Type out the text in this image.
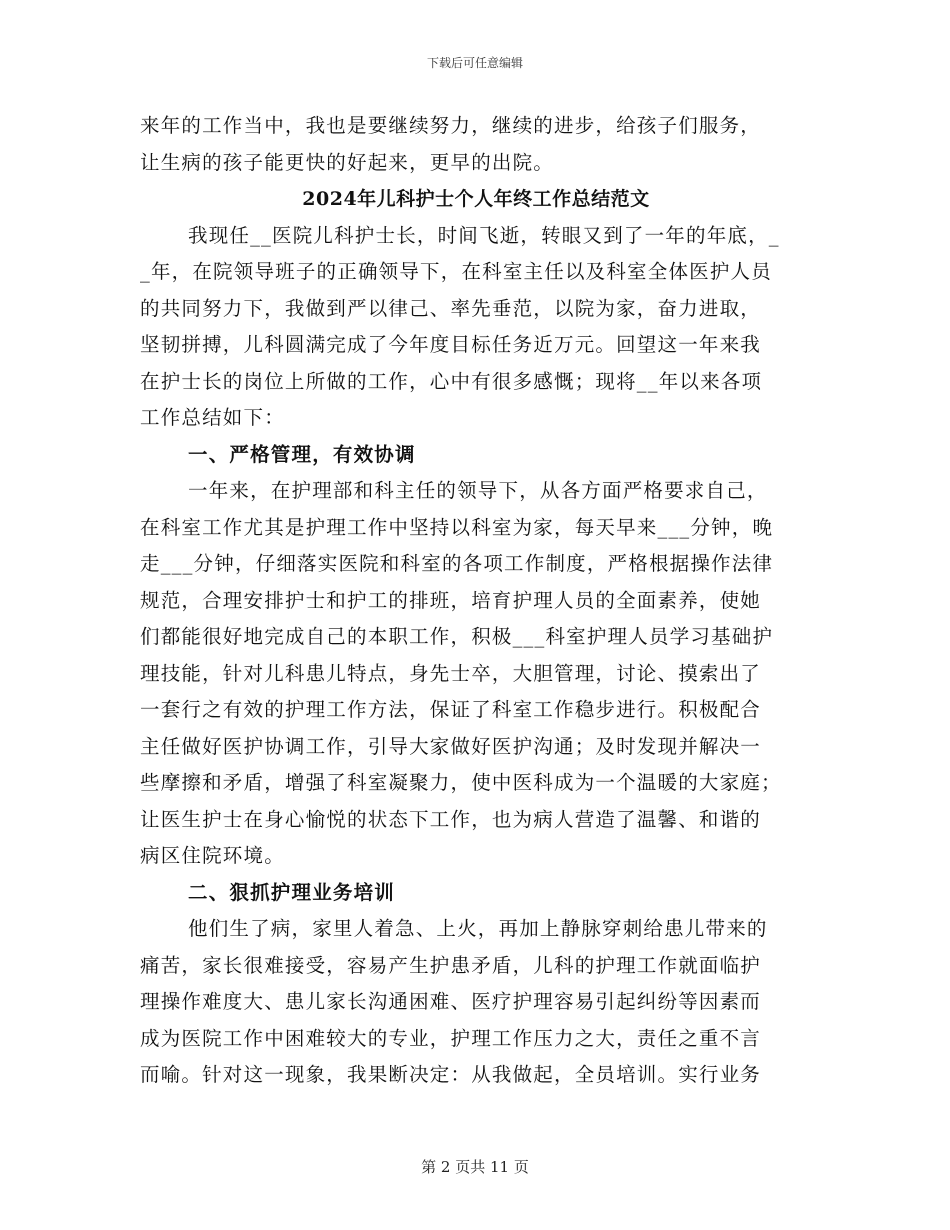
下载后可任意编辑
来年的工作当中，我也是要继续努力，继续的进步，给孩子们服务，
让生病的孩子能更快的好起来，更早的出院。
2024年儿科护士个人年终工作总结范文
我现任__医院儿科护士长，时间飞逝，转眼又到了一年的年底，_
_年，在院领导班子的正确领导下，在科室主任以及科室全体医护人员
的共同努力下，我做到严以律己、率先垂范，以院为家，奋力进取，
坚韧拼搏，儿科圆满完成了今年度目标任务近万元。回望这一年来我
在护士长的岗位上所做的工作，心中有很多感慨；现将__年以来各项
工作总结如下：
一、严格管理，有效协调
一年来，在护理部和科主任的领导下，从各方面严格要求自己，
在科室工作尤其是护理工作中坚持以科室为家，每天早来___分钟，晚
走___分钟，仔细落实医院和科室的各项工作制度，严格根据操作法律
规范，合理安排护士和护工的排班，培育护理人员的全面素养，使她
们都能很好地完成自己的本职工作，积极___科室护理人员学习基础护
理技能，针对儿科患儿特点，身先士卒，大胆管理，讨论、摸索出了
一套行之有效的护理工作方法，保证了科室工作稳步进行。积极配合
主任做好医护协调工作，引导大家做好医护沟通；及时发现并解决一
些摩擦和矛盾，增强了科室凝聚力，使中医科成为一个温暖的大家庭；
让医生护士在身心愉悦的状态下工作，也为病人营造了温馨、和谐的
病区住院环境。
二、狠抓护理业务培训
他们生了病，家里人着急、上火，再加上静脉穿刺给患儿带来的
痛苦，家长很难接受，容易产生护患矛盾，儿科的护理工作就面临护
理操作难度大、患儿家长沟通困难、医疗护理容易引起纠纷等因素而
成为医院工作中困难较大的专业，护理工作压力之大，责任之重不言
而喻。针对这一现象，我果断决定：从我做起，全员培训。实行业务
第 2 页共 11 页
